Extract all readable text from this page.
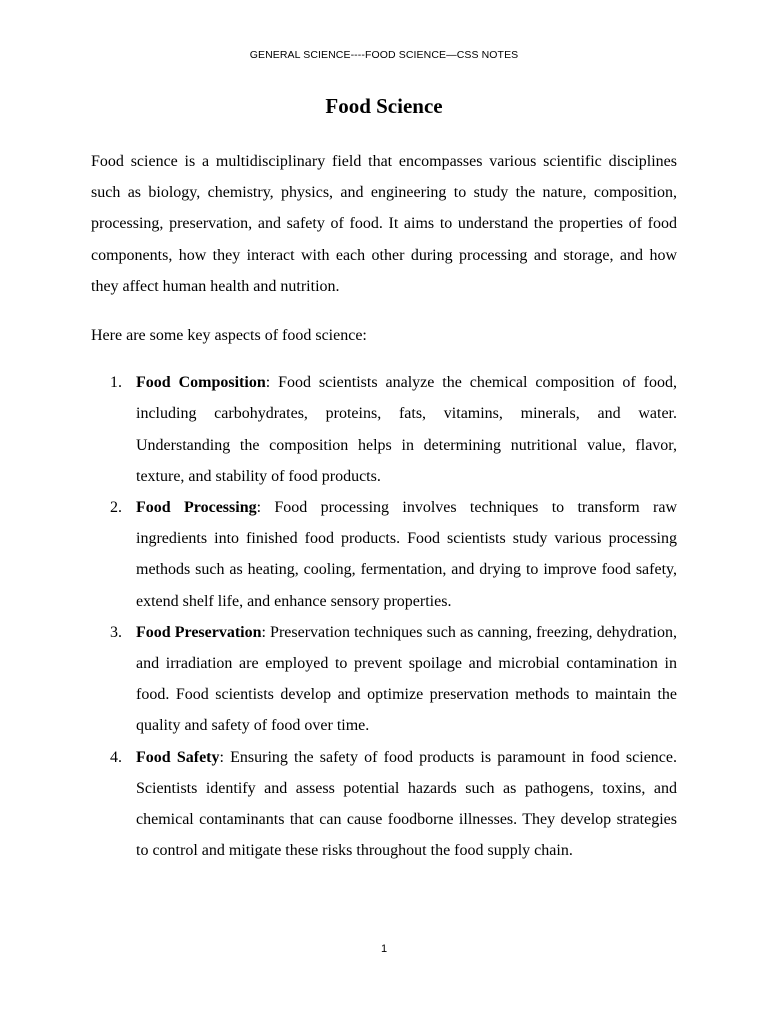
GENERAL SCIENCE----FOOD SCIENCE—CSS NOTES
Food Science

Food science is a multidisciplinary field that encompasses various scientific disciplines such as biology, chemistry, physics, and engineering to study the nature, composition, processing, preservation, and safety of food. It aims to understand the properties of food components, how they interact with each other during processing and storage, and how they affect human health and nutrition.

Here are some key aspects of food science:

1. Food Composition: Food scientists analyze the chemical composition of food, including carbohydrates, proteins, fats, vitamins, minerals, and water. Understanding the composition helps in determining nutritional value, flavor, texture, and stability of food products.
2. Food Processing: Food processing involves techniques to transform raw ingredients into finished food products. Food scientists study various processing methods such as heating, cooling, fermentation, and drying to improve food safety, extend shelf life, and enhance sensory properties.
3. Food Preservation: Preservation techniques such as canning, freezing, dehydration, and irradiation are employed to prevent spoilage and microbial contamination in food. Food scientists develop and optimize preservation methods to maintain the quality and safety of food over time.
4. Food Safety: Ensuring the safety of food products is paramount in food science. Scientists identify and assess potential hazards such as pathogens, toxins, and chemical contaminants that can cause foodborne illnesses. They develop strategies to control and mitigate these risks throughout the food supply chain.
1
